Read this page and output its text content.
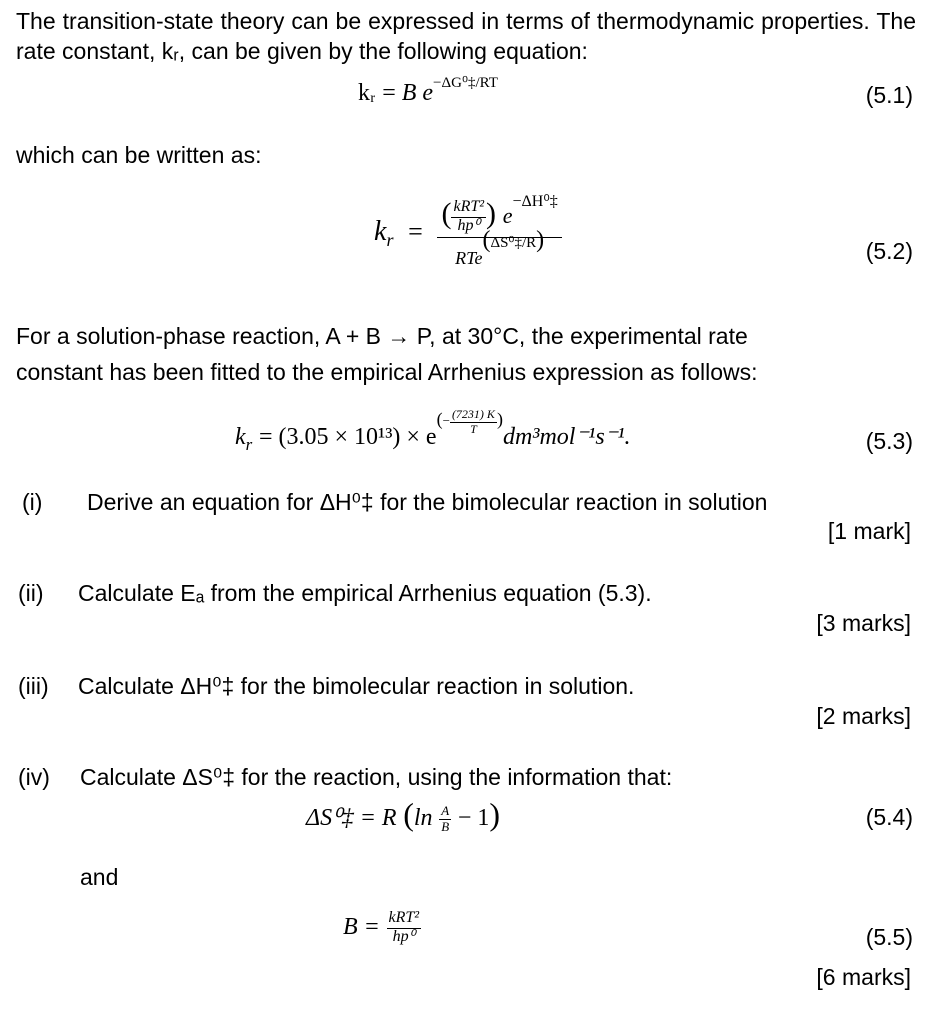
The transition-state theory can be expressed in terms of thermodynamic properties. The rate constant, kᵣ, can be given by the following equation:
kᵣ = B $e^{-\Delta G^0\ddagger/RT}$	(5.1)
which can be written as:
$k_r = \frac{( \frac{\text{kRT²}}{\text{hp⁰}} ) e^{-\Delta H^0\ddagger}}{RTe^{(\Delta S^0\ddagger/R)}}$	(5.2)
For a solution-phase reaction, A + B → P, at 30°C, the experimental rate
constant has been fitted to the empirical Arrhenius expression as follows:
$k_r = (3.05 \times 10^{13}) \times e^{(- \frac{(7231) K}{T} )}dm^3mol^{-1}s^{-1}$.	(5.3)
(i) Derive an equation for ΔH⁰‡ for the bimolecular reaction in solution
[1 mark]
(ii) Calculate Eₐ from the empirical Arrhenius equation (5.3).
[3 marks]
(iii) Calculate ΔH⁰‡ for the bimolecular reaction in solution.
[2 marks]
(iv) Calculate ΔS⁰‡ for the reaction, using the information that:
ΔS⁰‡ = R $(\ln \frac{A}{B} - 1)$	(5.4)
and
$B = \frac{\text{kRT²}}{\text{hp⁰}}$	(5.5)
[6 marks]
